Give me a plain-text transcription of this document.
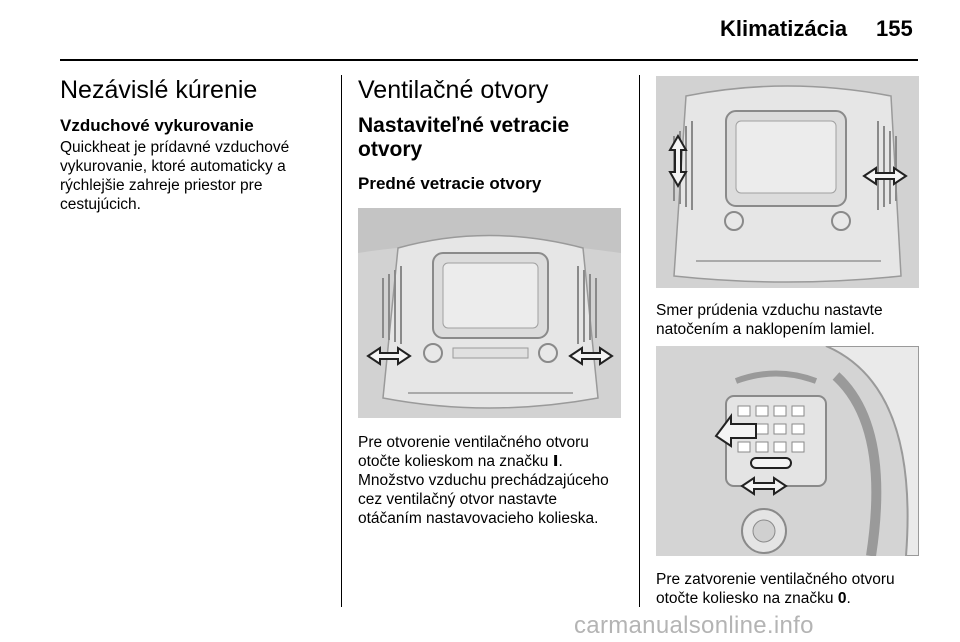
Klimatizácia 155
Nezávislé kúrenie
Vzduchové vykurovanie

Quickheat je prídavné vzduchové

vykurovanie, ktoré automaticky a

rýchlejšie zahreje priestor pre

cestujúcich.

Ventilačné otvory

Nastaviteľné vetracie

otvory

Predné vetracie otvory

Pre otvorenie ventilačného otvoru

otočte kolieskom na značku Ⅰ.

Množstvo vzduchu prechádzajúceho

cez ventilačný otvor nastavte

otáčaním nastavovacieho kolieska.

Smer prúdenia vzduchu nastavte

natočením a naklopením lamiel.

Pre zatvorenie ventilačného otvoru

otočte koliesko na značku 0.

carmanualsonline.info
